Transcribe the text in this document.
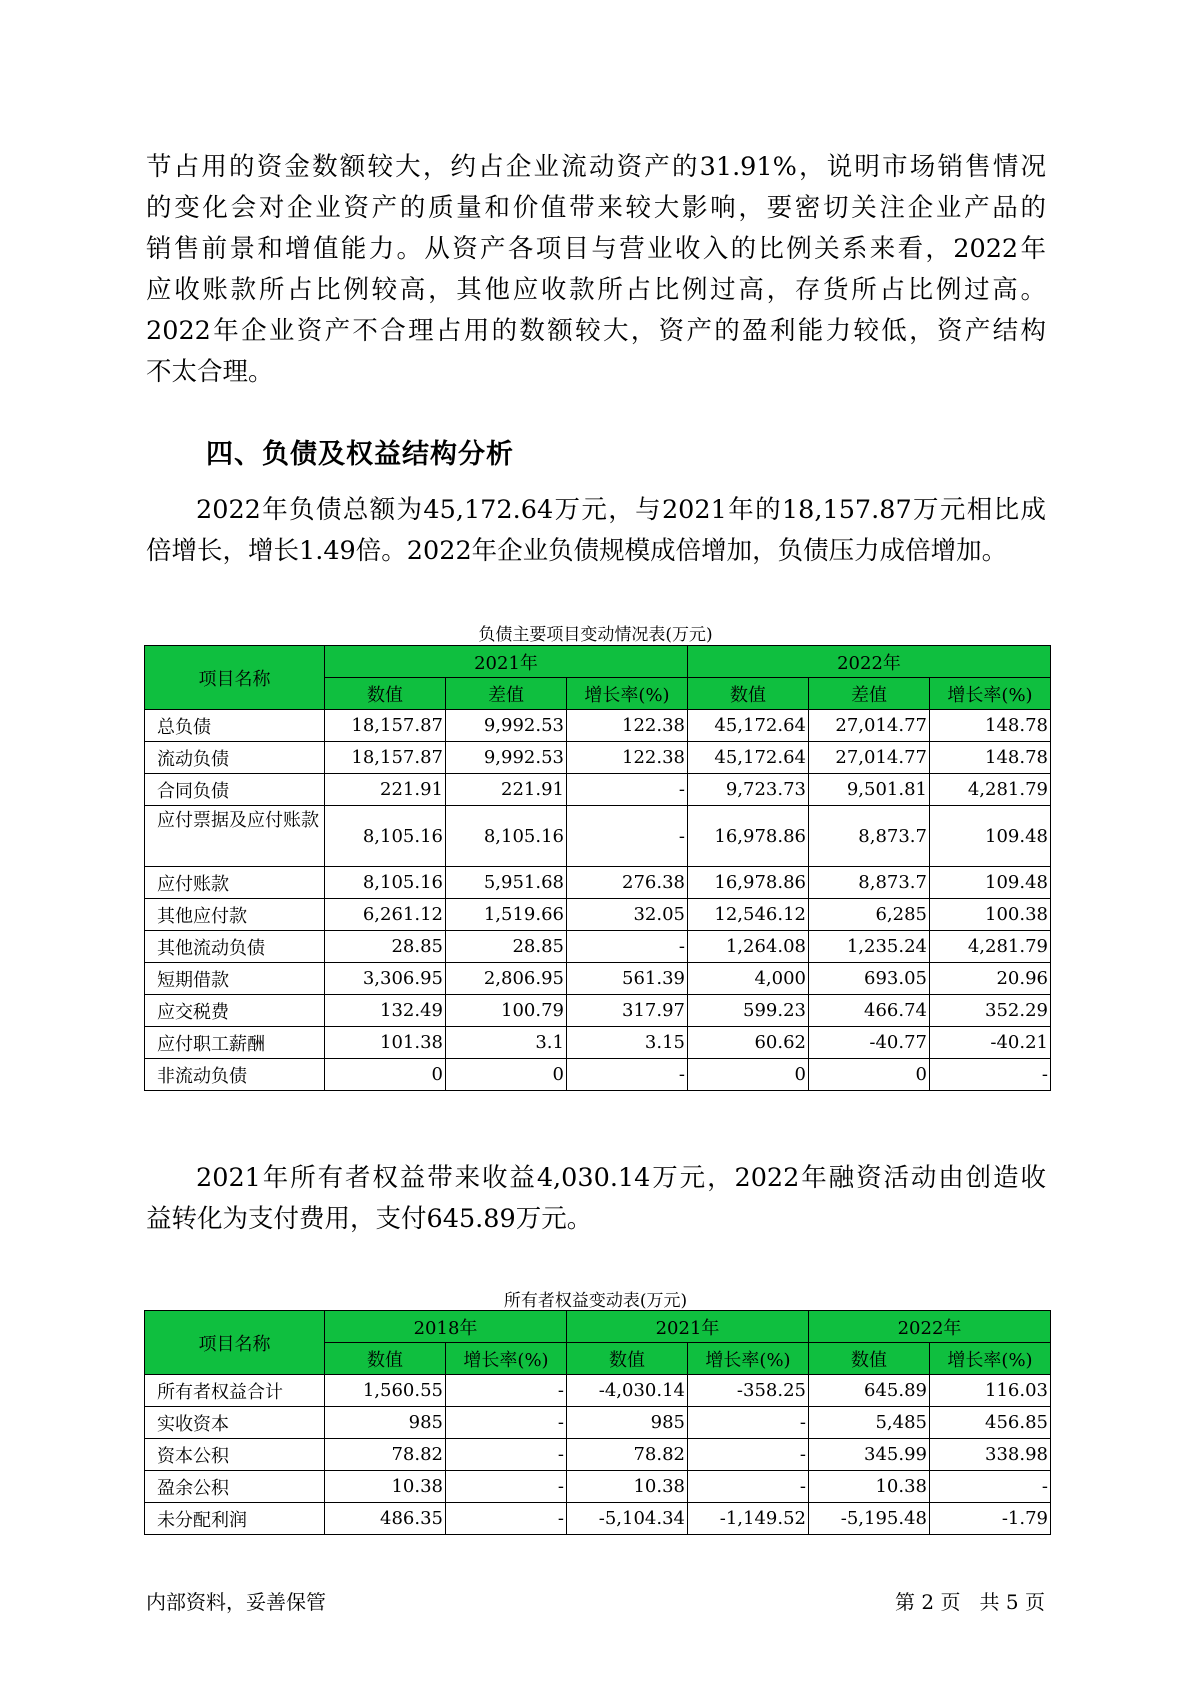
节占用的资金数额较大，约占企业流动资产的31.91%，说明市场销售情况
的变化会对企业资产的质量和价值带来较大影响，要密切关注企业产品的
销售前景和增值能力。从资产各项目与营业收入的比例关系来看，2022年
应收账款所占比例较高，其他应收款所占比例过高，存货所占比例过高。
2022年企业资产不合理占用的数额较大，资产的盈利能力较低，资产结构
不太合理。
四、负债及权益结构分析
2022年负债总额为45,172.64万元，与2021年的18,157.87万元相比成
倍增长，增长1.49倍。2022年企业负债规模成倍增加，负债压力成倍增加。
负债主要项目变动情况表(万元)
项目名称	2021年			2022年		
	数值	差值	增长率(%)	数值	差值	增长率(%)
总负债	18,157.87	9,992.53	122.38	45,172.64	27,014.77	148.78
流动负债	18,157.87	9,992.53	122.38	45,172.64	27,014.77	148.78
合同负债	221.91	221.91	-	9,723.73	9,501.81	4,281.79
应付票据及应付账款	8,105.16	8,105.16	-	16,978.86	8,873.7	109.48
应付账款	8,105.16	5,951.68	276.38	16,978.86	8,873.7	109.48
其他应付款	6,261.12	1,519.66	32.05	12,546.12	6,285	100.38
其他流动负债	28.85	28.85	-	1,264.08	1,235.24	4,281.79
短期借款	3,306.95	2,806.95	561.39	4,000	693.05	20.96
应交税费	132.49	100.79	317.97	599.23	466.74	352.29
应付职工薪酬	101.38	3.1	3.15	60.62	-40.77	-40.21
非流动负债	0	0	-	0	0	-
2021年所有者权益带来收益4,030.14万元，2022年融资活动由创造收
益转化为支付费用，支付645.89万元。
所有者权益变动表(万元)
项目名称	2018年		2021年		2022年	
	数值	增长率(%)	数值	增长率(%)	数值	增长率(%)
所有者权益合计	1,560.55	-	-4,030.14	-358.25	645.89	116.03
实收资本	985	-	985	-	5,485	456.85
资本公积	78.82	-	78.82	-	345.99	338.98
盈余公积	10.38	-	10.38	-	10.38	-
未分配利润	486.35	-	-5,104.34	-1,149.52	-5,195.48	-1.79
内部资料，妥善保管	第 2 页   共 5 页
